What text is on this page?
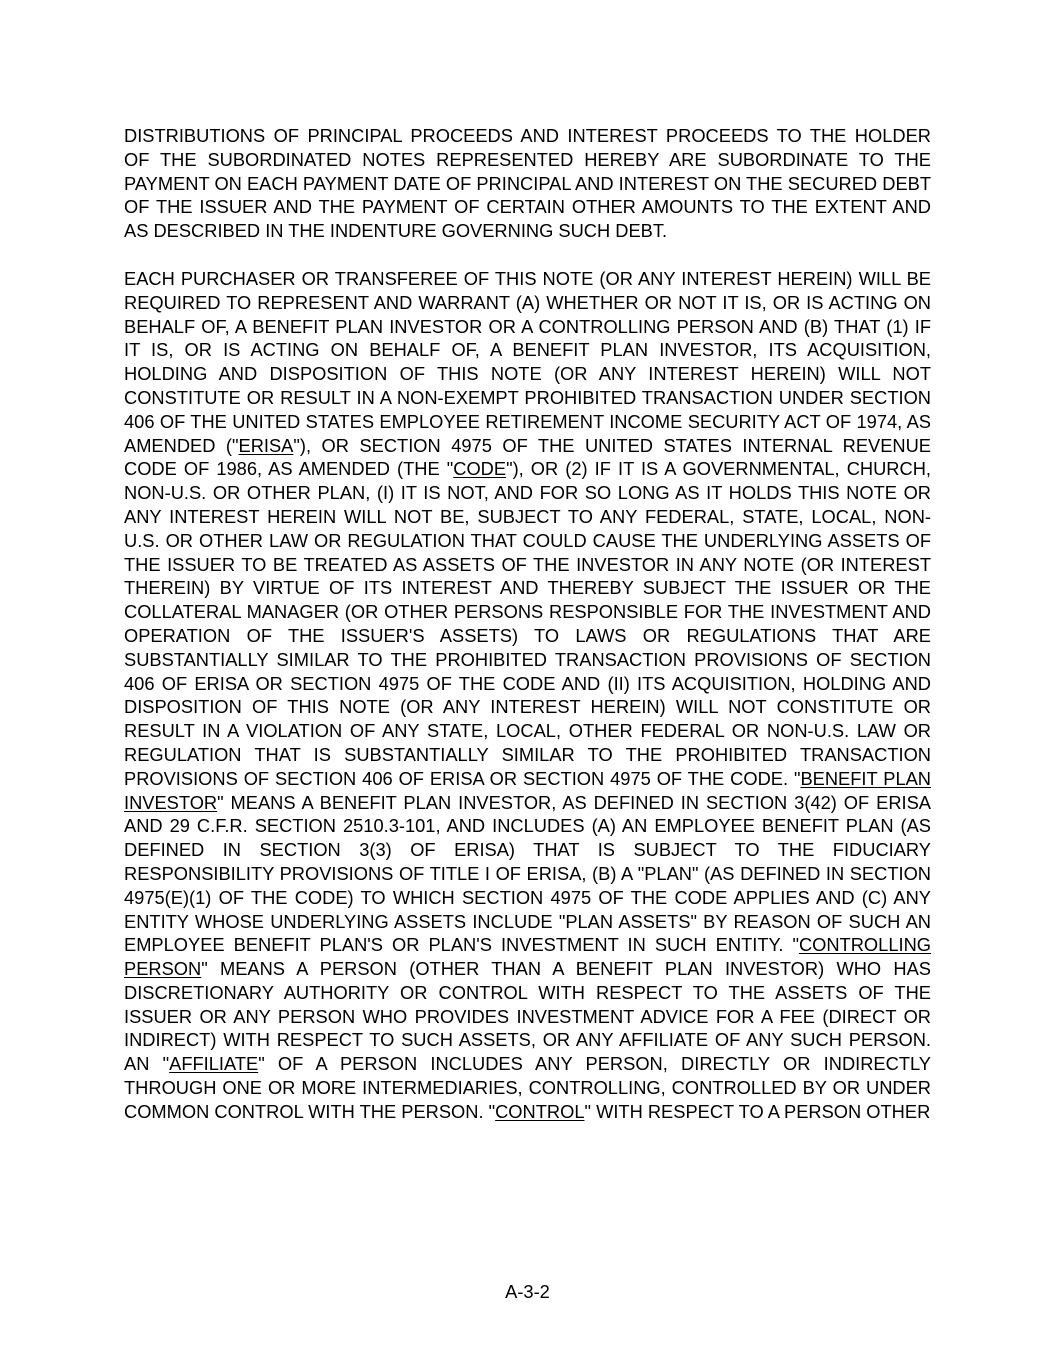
DISTRIBUTIONS OF PRINCIPAL PROCEEDS AND INTEREST PROCEEDS TO THE HOLDER OF THE SUBORDINATED NOTES REPRESENTED HEREBY ARE SUBORDINATE TO THE PAYMENT ON EACH PAYMENT DATE OF PRINCIPAL AND INTEREST ON THE SECURED DEBT OF THE ISSUER AND THE PAYMENT OF CERTAIN OTHER AMOUNTS TO THE EXTENT AND AS DESCRIBED IN THE INDENTURE GOVERNING SUCH DEBT.

EACH PURCHASER OR TRANSFEREE OF THIS NOTE (OR ANY INTEREST HEREIN) WILL BE REQUIRED TO REPRESENT AND WARRANT (A) WHETHER OR NOT IT IS, OR IS ACTING ON BEHALF OF, A BENEFIT PLAN INVESTOR OR A CONTROLLING PERSON AND (B) THAT (1) IF IT IS, OR IS ACTING ON BEHALF OF, A BENEFIT PLAN INVESTOR, ITS ACQUISITION, HOLDING AND DISPOSITION OF THIS NOTE (OR ANY INTEREST HEREIN) WILL NOT CONSTITUTE OR RESULT IN A NON-EXEMPT PROHIBITED TRANSACTION UNDER SECTION 406 OF THE UNITED STATES EMPLOYEE RETIREMENT INCOME SECURITY ACT OF 1974, AS AMENDED ("ERISA"), OR SECTION 4975 OF THE UNITED STATES INTERNAL REVENUE CODE OF 1986, AS AMENDED (THE "CODE"), OR (2) IF IT IS A GOVERNMENTAL, CHURCH, NON-U.S. OR OTHER PLAN, (I) IT IS NOT, AND FOR SO LONG AS IT HOLDS THIS NOTE OR ANY INTEREST HEREIN WILL NOT BE, SUBJECT TO ANY FEDERAL, STATE, LOCAL, NON-U.S. OR OTHER LAW OR REGULATION THAT COULD CAUSE THE UNDERLYING ASSETS OF THE ISSUER TO BE TREATED AS ASSETS OF THE INVESTOR IN ANY NOTE (OR INTEREST THEREIN) BY VIRTUE OF ITS INTEREST AND THEREBY SUBJECT THE ISSUER OR THE COLLATERAL MANAGER (OR OTHER PERSONS RESPONSIBLE FOR THE INVESTMENT AND OPERATION OF THE ISSUER'S ASSETS) TO LAWS OR REGULATIONS THAT ARE SUBSTANTIALLY SIMILAR TO THE PROHIBITED TRANSACTION PROVISIONS OF SECTION 406 OF ERISA OR SECTION 4975 OF THE CODE AND (II) ITS ACQUISITION, HOLDING AND DISPOSITION OF THIS NOTE (OR ANY INTEREST HEREIN) WILL NOT CONSTITUTE OR RESULT IN A VIOLATION OF ANY STATE, LOCAL, OTHER FEDERAL OR NON-U.S. LAW OR REGULATION THAT IS SUBSTANTIALLY SIMILAR TO THE PROHIBITED TRANSACTION PROVISIONS OF SECTION 406 OF ERISA OR SECTION 4975 OF THE CODE. "BENEFIT PLAN INVESTOR" MEANS A BENEFIT PLAN INVESTOR, AS DEFINED IN SECTION 3(42) OF ERISA AND 29 C.F.R. SECTION 2510.3-101, AND INCLUDES (A) AN EMPLOYEE BENEFIT PLAN (AS DEFINED IN SECTION 3(3) OF ERISA) THAT IS SUBJECT TO THE FIDUCIARY RESPONSIBILITY PROVISIONS OF TITLE I OF ERISA, (B) A "PLAN" (AS DEFINED IN SECTION 4975(E)(1) OF THE CODE) TO WHICH SECTION 4975 OF THE CODE APPLIES AND (C) ANY ENTITY WHOSE UNDERLYING ASSETS INCLUDE "PLAN ASSETS" BY REASON OF SUCH AN EMPLOYEE BENEFIT PLAN'S OR PLAN'S INVESTMENT IN SUCH ENTITY. "CONTROLLING PERSON" MEANS A PERSON (OTHER THAN A BENEFIT PLAN INVESTOR) WHO HAS DISCRETIONARY AUTHORITY OR CONTROL WITH RESPECT TO THE ASSETS OF THE ISSUER OR ANY PERSON WHO PROVIDES INVESTMENT ADVICE FOR A FEE (DIRECT OR INDIRECT) WITH RESPECT TO SUCH ASSETS, OR ANY AFFILIATE OF ANY SUCH PERSON. AN "AFFILIATE" OF A PERSON INCLUDES ANY PERSON, DIRECTLY OR INDIRECTLY THROUGH ONE OR MORE INTERMEDIARIES, CONTROLLING, CONTROLLED BY OR UNDER COMMON CONTROL WITH THE PERSON. "CONTROL" WITH RESPECT TO A PERSON OTHER

A-3-2
